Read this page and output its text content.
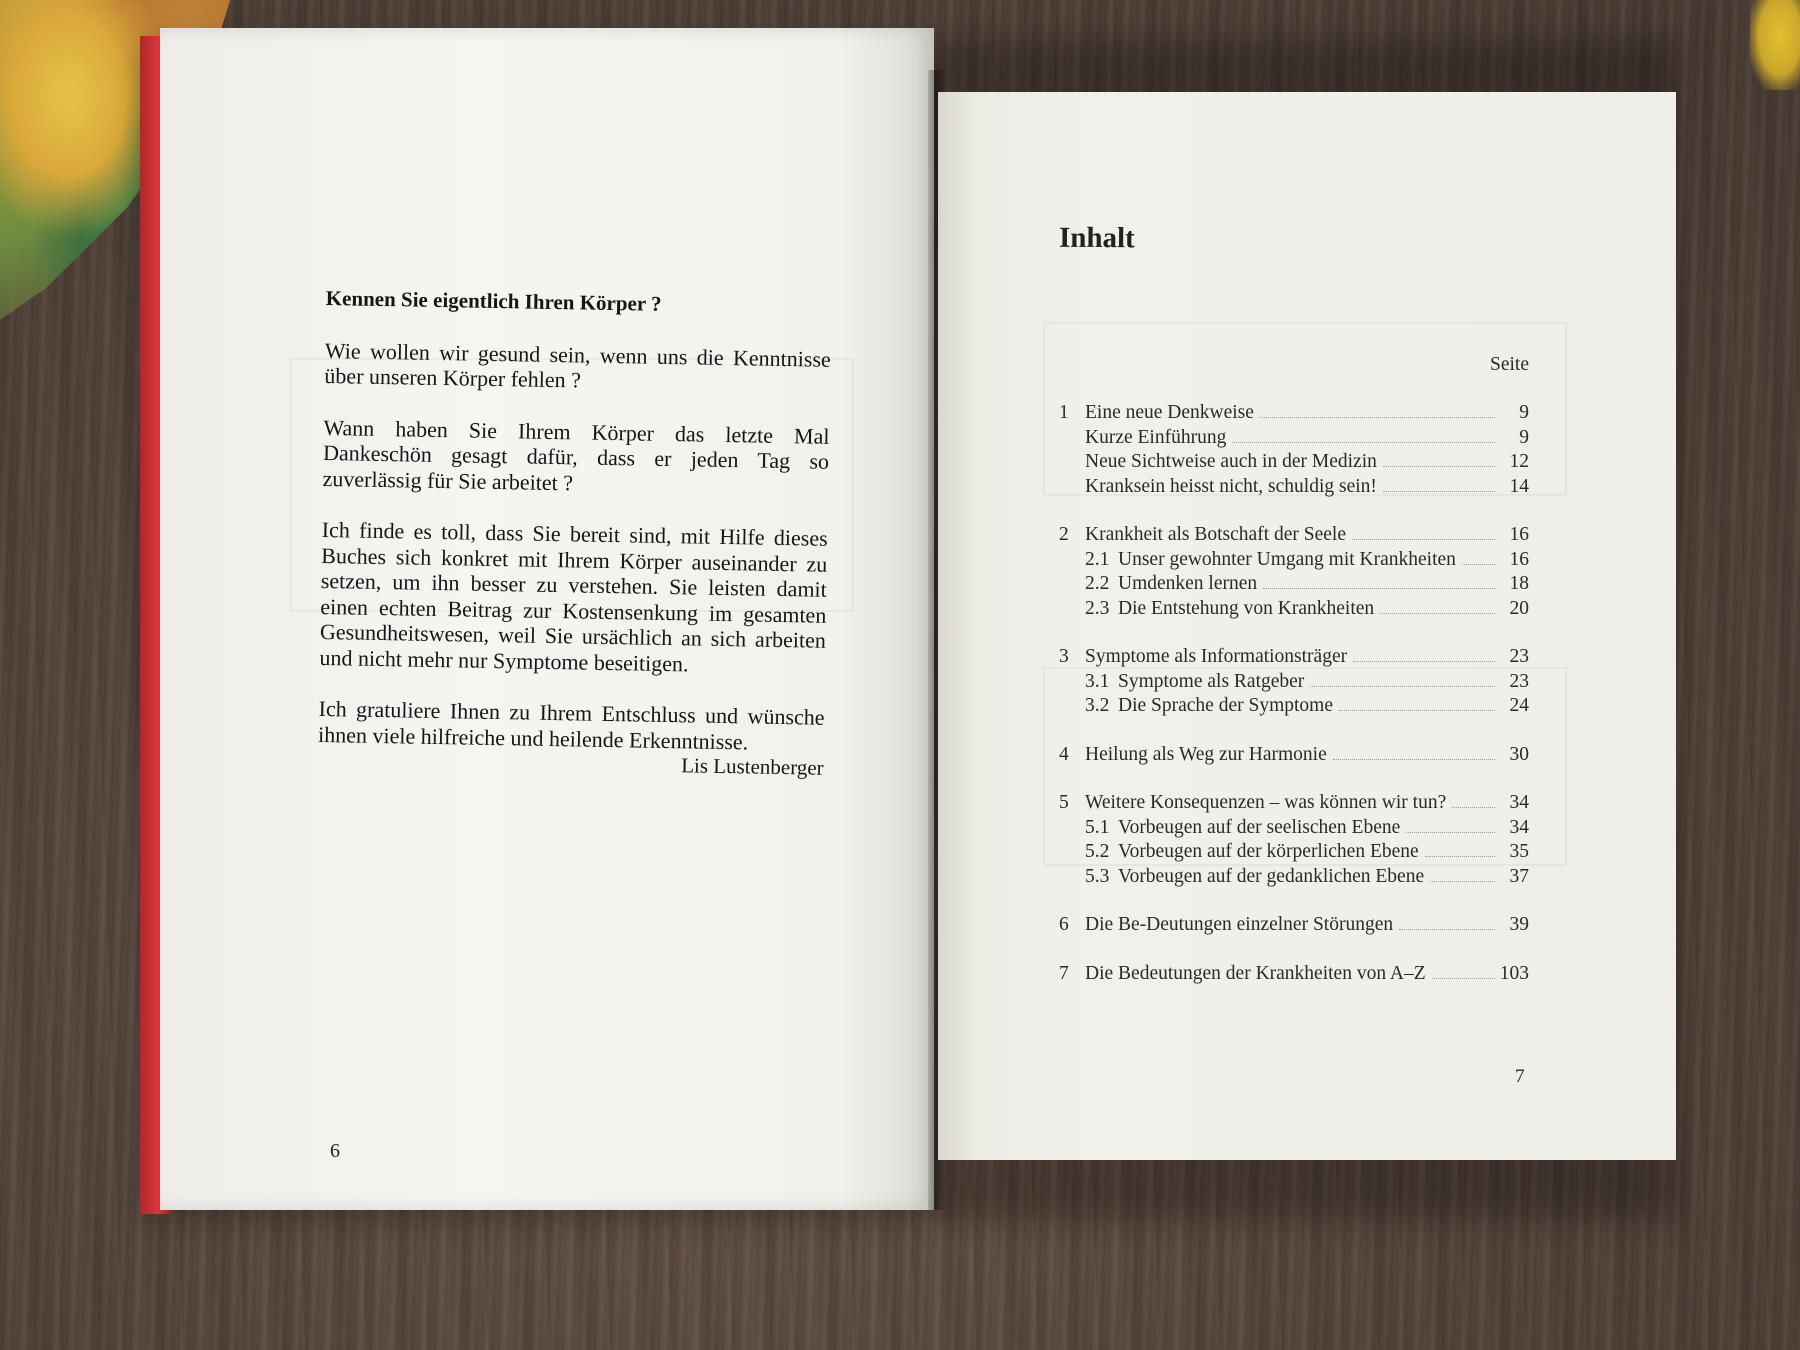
Kennen Sie eigentlich Ihren Körper ?

Wie wollen wir gesund sein, wenn uns die Kenntnisse über unseren Körper fehlen ?

Wann haben Sie Ihrem Körper das letzte Mal Dankeschön gesagt dafür, dass er jeden Tag so zuverlässig für Sie arbeitet ?

Ich finde es toll, dass Sie bereit sind, mit Hilfe dieses Buches sich konkret mit Ihrem Körper auseinander zu setzen, um ihn besser zu verstehen. Sie leisten damit einen echten Beitrag zur Kostensenkung im gesamten Gesundheitswesen, weil Sie ursächlich an sich arbeiten und nicht mehr nur Symptome beseitigen.

Ich gratuliere Ihnen zu Ihrem Entschluss und wünsche ihnen viele hilfreiche und heilende Erkenntnisse.

Lis Lustenberger
6
Inhalt
Seite
1 Eine neue Denkweise	9
Kurze Einführung	9
Neue Sichtweise auch in der Medizin	12
Kranksein heisst nicht, schuldig sein!	14
2 Krankheit als Botschaft der Seele	16
2.1 Unser gewohnter Umgang mit Krankheiten	16
2.2 Umdenken lernen	18
2.3 Die Entstehung von Krankheiten	20
3 Symptome als Informationsträger	23
3.1 Symptome als Ratgeber	23
3.2 Die Sprache der Symptome	24
4 Heilung als Weg zur Harmonie	30
5 Weitere Konsequenzen – was können wir tun?	34
5.1 Vorbeugen auf der seelischen Ebene	34
5.2 Vorbeugen auf der körperlichen Ebene	35
5.3 Vorbeugen auf der gedanklichen Ebene	37
6 Die Be-Deutungen einzelner Störungen	39
7 Die Bedeutungen der Krankheiten von A–Z	103
7
